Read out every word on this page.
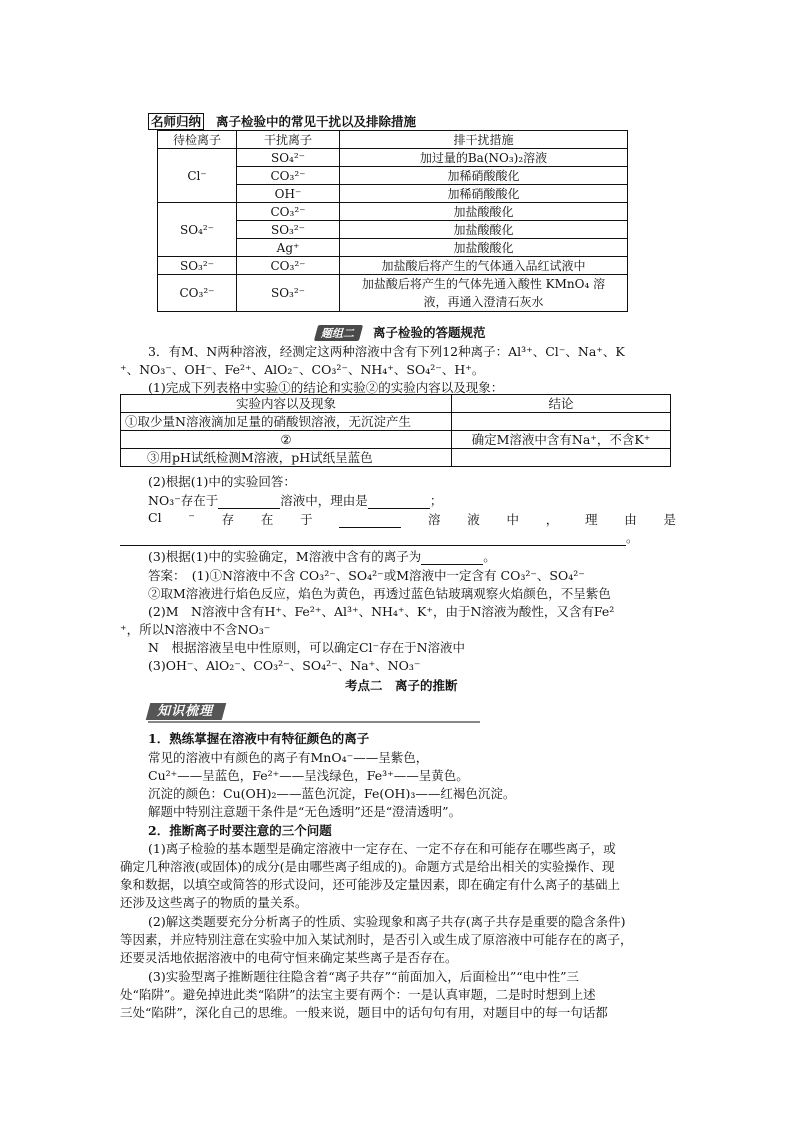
名师归纳 离子检验中的常见干扰以及排除措施
待检离子	干扰离子	排干扰措施
Cl⁻	SO₄²⁻	加过量的Ba(NO₃)₂溶液
	CO₃²⁻	加稀硝酸酸化
	OH⁻	加稀硝酸酸化
SO₄²⁻	CO₃²⁻	加盐酸酸化
	SO₃²⁻	加盐酸酸化
	Ag⁺	加盐酸酸化
SO₃²⁻	CO₃²⁻	加盐酸后将产生的气体通入品红试液中
CO₃²⁻	SO₃²⁻	加盐酸后将产生的气体先通入酸性 KMnO₄ 溶
液，再通入澄清石灰水
题组二 离子检验的答题规范
3．有M、N两种溶液，经测定这两种溶液中含有下列12种离子：Al³⁺、Cl⁻、Na⁺、K
⁺、NO₃⁻、OH⁻、Fe²⁺、AlO₂⁻、CO₃²⁻、NH₄⁺、SO₄²⁻、H⁺。
(1)完成下列表格中实验①的结论和实验②的实验内容以及现象：
实验内容以及现象	结论
①取少量N溶液滴加足量的硝酸钡溶液，无沉淀产生	
②	确定M溶液中含有Na⁺，不含K⁺
③用pH试纸检测M溶液，pH试纸呈蓝色	
(2)根据(1)中的实验回答：
NO₃⁻存在于	溶液中，理由是	；
Cl ⁻ 存 在 于	溶 液 中 ， 理 由 是
。
(3)根据(1)中的实验确定，M溶液中含有的离子为	。
答案：　(1)①N溶液中不含 CO₃²⁻、SO₄²⁻或M溶液中一定含有 CO₃²⁻、SO₄²⁻
②取M溶液进行焰色反应，焰色为黄色，再透过蓝色钴玻璃观察火焰颜色，不呈紫色
(2)M　N溶液中含有H⁺、Fe²⁺、Al³⁺、NH₄⁺、K⁺，由于N溶液为酸性，又含有Fe²
⁺，所以N溶液中不含NO₃⁻
N　根据溶液呈电中性原则，可以确定Cl⁻存在于N溶液中
(3)OH⁻、AlO₂⁻、CO₃²⁻、SO₄²⁻、Na⁺、NO₃⁻
考点二　离子的推断
知识梳理
1．熟练掌握在溶液中有特征颜色的离子
常见的溶液中有颜色的离子有MnO₄⁻——呈紫色，
Cu²⁺——呈蓝色，Fe²⁺——呈浅绿色，Fe³⁺——呈黄色。
沉淀的颜色：Cu(OH)₂——蓝色沉淀，Fe(OH)₃——红褐色沉淀。
解题中特别注意题干条件是“无色透明”还是“澄清透明”。
2．推断离子时要注意的三个问题
(1)离子检验的基本题型是确定溶液中一定存在、一定不存在和可能存在哪些离子，或
确定几种溶液(或固体)的成分(是由哪些离子组成的)。命题方式是给出相关的实验操作、现
象和数据，以填空或简答的形式设问，还可能涉及定量因素，即在确定有什么离子的基础上
还涉及这些离子的物质的量关系。
(2)解这类题要充分分析离子的性质、实验现象和离子共存(离子共存是重要的隐含条件)
等因素，并应特别注意在实验中加入某试剂时，是否引入或生成了原溶液中可能存在的离子，
还要灵活地依据溶液中的电荷守恒来确定某些离子是否存在。
(3)实验型离子推断题往往隐含着“离子共存”“前面加入，后面检出”“电中性”三
处“陷阱”。避免掉进此类“陷阱”的法宝主要有两个：一是认真审题，二是时时想到上述
三处“陷阱”，深化自己的思维。一般来说，题目中的话句句有用，对题目中的每一句话都
